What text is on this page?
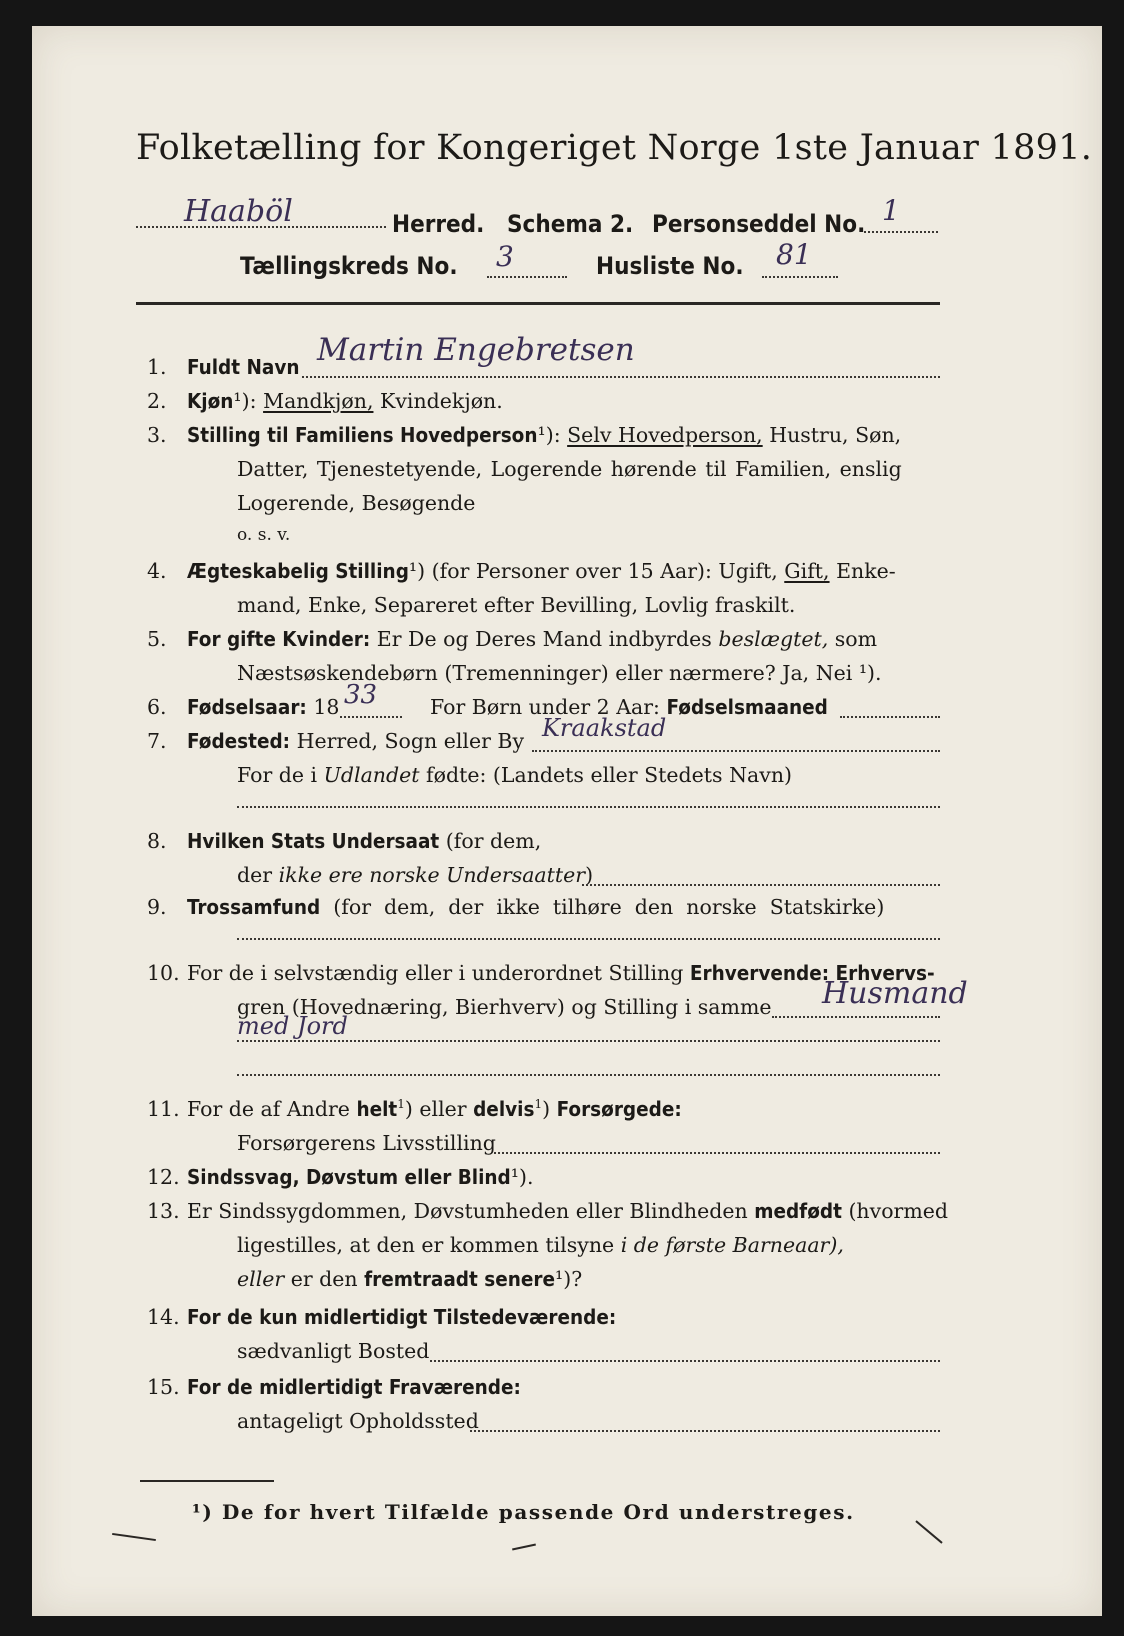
Folketælling for Kongeriget Norge 1ste Januar 1891.
Haaböl	Herred. Schema 2. Personseddel No. 1
Tællingskreds No. 3	Husliste No. 81
1. Fuldt Navn Martin Engebretsen
2. Kjøn¹): Mandkjøn, Kvindekjøn.
3. Stilling til Familiens Hovedperson¹): Selv Hovedperson, Hustru, Søn,
Datter, Tjenestetyende, Logerende hørende til Familien, enslig
Logerende, Besøgende
o. s. v.
4. Ægteskabelig Stilling¹) (for Personer over 15 Aar): Ugift, Gift, Enke-
mand, Enke, Separeret efter Bevilling, Lovlig fraskilt.
5. For gifte Kvinder: Er De og Deres Mand indbyrdes beslægtet, som
Næstsøskendebørn (Tremenninger) eller nærmere? Ja, Nei ¹).
6. Fødselsaar: 18 33	For Børn under 2 Aar: Fødselsmaaned
7. Fødested: Herred, Sogn eller By Kraakstad
For de i Udlandet fødte: (Landets eller Stedets Navn)
8. Hvilken Stats Undersaat (for dem,
der ikke ere norske Undersaatter)
9. Trossamfund (for  dem,  der  ikke  tilhøre  den  norske  Statskirke)
10. For de i selvstændig eller i underordnet Stilling Erhvervende: Erhvervs-
gren (Hovednæring, Bierhverv) og Stilling i samme Husmand
med Jord
11. For de af Andre helt$^1$) eller delvis$^1$) Forsørgede:
Forsørgerens Livsstilling
12. Sindssvag, Døvstum eller Blind¹).
13. Er Sindssygdommen, Døvstumheden eller Blindheden medfødt (hvormed
ligestilles, at den er kommen tilsyne i de første Barneaar),
eller er den fremtraadt senere¹)?
14. For de kun midlertidigt Tilstedeværende:
sædvanligt Bosted
15. For de midlertidigt Fraværende:
antageligt Opholdssted
¹) De for hvert Tilfælde passende Ord understreges.
